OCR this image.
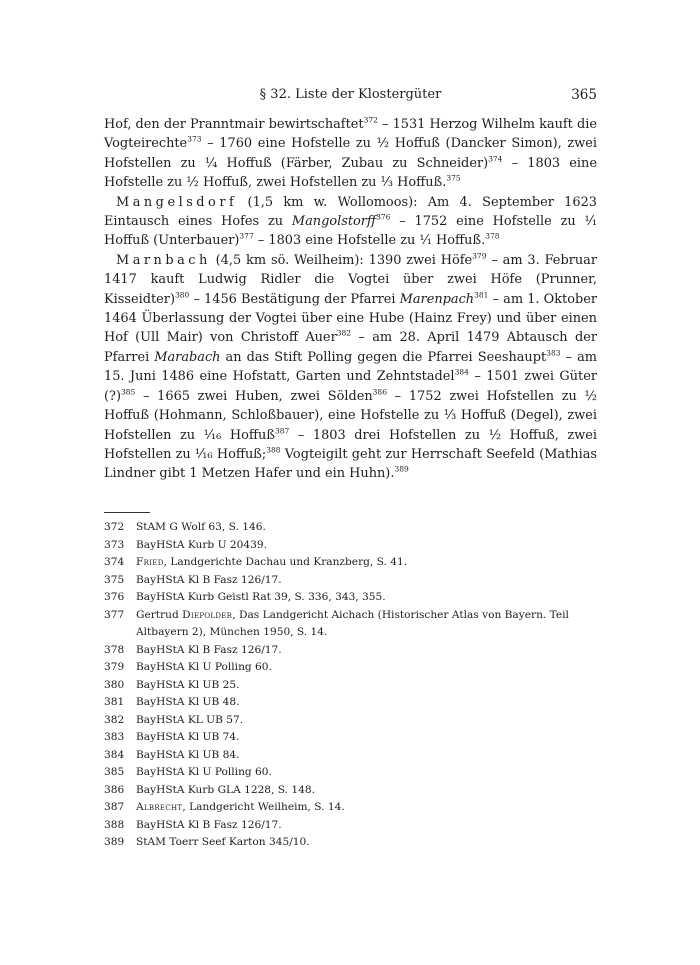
§ 32. Liste der Klostergüter	365

Hof, den der Pranntmair bewirtschaftet$^{372}$ – 1531 Herzog Wilhelm kauft die Vogteirechte$^{373}$ – 1760 eine Hofstelle zu ½ Hoffuß (Dancker Simon), zwei Hofstellen zu ¼ Hoffuß (Färber, Zubau zu Schneider)$^{374}$ – 1803 eine Hofstelle zu ½ Hoffuß, zwei Hofstellen zu ⅓ Hoffuß.$^{375}$

Mangelsdorf (1,5 km w. Wollomoos): Am 4. September 1623 Eintausch eines Hofes zu Mangolstorff$^{376}$ – 1752 eine Hofstelle zu ¹⁄₁ Hoffuß (Unterbauer)$^{377}$ – 1803 eine Hofstelle zu ¹⁄₁ Hoffuß.$^{378}$

Marnbach (4,5 km sö. Weilheim): 1390 zwei Höfe$^{379}$ – am 3. Februar 1417 kauft Ludwig Ridler die Vogtei über zwei Höfe (Prunner, Kisseidter)$^{380}$ – 1456 Bestätigung der Pfarrei Marenpach$^{381}$ – am 1. Oktober 1464 Überlassung der Vogtei über eine Hube (Hainz Frey) und über einen Hof (Ull Mair) von Christoff Auer$^{382}$ – am 28. April 1479 Abtausch der Pfarrei Marabach an das Stift Polling gegen die Pfarrei Seeshaupt$^{383}$ – am 15. Juni 1486 eine Hofstatt, Garten und Zehntstadel$^{384}$ – 1501 zwei Güter (?)$^{385}$ – 1665 zwei Huben, zwei Sölden$^{386}$ – 1752 zwei Hofstellen zu ½ Hoffuß (Hohmann, Schloßbauer), eine Hofstelle zu ⅓ Hoffuß (Degel), zwei Hofstellen zu ¹⁄₁₆ Hoffuß$^{387}$ – 1803 drei Hofstellen zu ½ Hoffuß, zwei Hofstellen zu ¹⁄₁₆ Hoffuß;$^{388}$ Vogteigilt geht zur Herrschaft Seefeld (Mathias Lindner gibt 1 Metzen Hafer und ein Huhn).$^{389}$

372	StAM G Wolf 63, S. 146.
373	BayHStA Kurb U 20439.
374	Fried, Landgerichte Dachau und Kranzberg, S. 41.
375	BayHStA Kl B Fasz 126/17.
376	BayHStA Kurb Geistl Rat 39, S. 336, 343, 355.
377	Gertrud Diepolder, Das Landgericht Aichach (Historischer Atlas von Bayern. Teil Altbayern 2), München 1950, S. 14.
378	BayHStA Kl B Fasz 126/17.
379	BayHStA Kl U Polling 60.
380	BayHStA Kl UB 25.
381	BayHStA Kl UB 48.
382	BayHStA KL UB 57.
383	BayHStA Kl UB 74.
384	BayHStA Kl UB 84.
385	BayHStA Kl U Polling 60.
386	BayHStA Kurb GLA 1228, S. 148.
387	Albrecht, Landgericht Weilheim, S. 14.
388	BayHStA Kl B Fasz 126/17.
389	StAM Toerr Seef Karton 345/10.
